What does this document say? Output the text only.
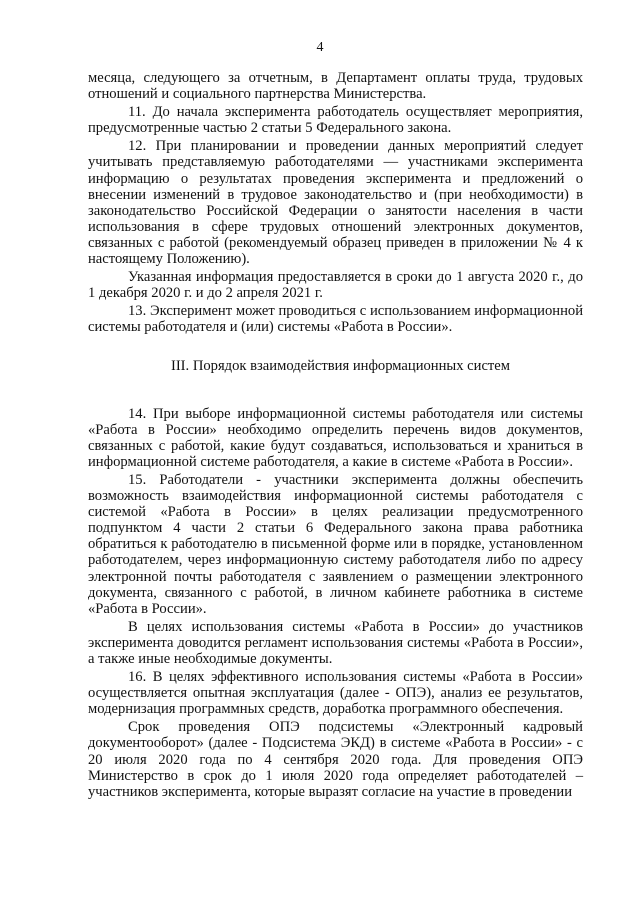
4

месяца, следующего за отчетным, в Департамент оплаты труда, трудовых отношений и социального партнерства Министерства.

11. До начала эксперимента работодатель осуществляет мероприятия, предусмотренные частью 2 статьи 5 Федерального закона.

12. При планировании и проведении данных мероприятий следует учитывать представляемую работодателями — участниками эксперимента информацию о результатах проведения эксперимента и предложений о внесении изменений в трудовое законодательство и (при необходимости) в законодательство Российской Федерации о занятости населения в части использования в сфере трудовых отношений электронных документов, связанных с работой (рекомендуемый образец приведен в приложении № 4 к настоящему Положению).

Указанная информация предоставляется в сроки до 1 августа 2020 г., до 1 декабря 2020 г. и до 2 апреля 2021 г.

13. Эксперимент может проводиться с использованием информационной системы работодателя и (или) системы «Работа в России».

III. Порядок взаимодействия информационных систем

14. При выборе информационной системы работодателя или системы «Работа в России» необходимо определить перечень видов документов, связанных с работой, какие будут создаваться, использоваться и храниться в информационной системе работодателя, а какие в системе «Работа в России».

15. Работодатели - участники эксперимента должны обеспечить возможность взаимодействия информационной системы работодателя с системой «Работа в России» в целях реализации предусмотренного подпунктом 4 части 2 статьи 6 Федерального закона права работника обратиться к работодателю в письменной форме или в порядке, установленном работодателем, через информационную систему работодателя либо по адресу электронной почты работодателя с заявлением о размещении электронного документа, связанного с работой, в личном кабинете работника в системе «Работа в России».

В целях использования системы «Работа в России» до участников эксперимента доводится регламент использования системы «Работа в России», а также иные необходимые документы.

16. В целях эффективного использования системы «Работа в России» осуществляется опытная эксплуатация (далее - ОПЭ), анализ ее результатов, модернизация программных средств, доработка программного обеспечения.

Срок проведения ОПЭ подсистемы «Электронный кадровый документооборот» (далее - Подсистема ЭКД) в системе «Работа в России» - с 20 июля 2020 года по 4 сентября 2020 года. Для проведения ОПЭ Министерство в срок до 1 июля 2020 года определяет работодателей – участников эксперимента, которые выразят согласие на участие в проведении
